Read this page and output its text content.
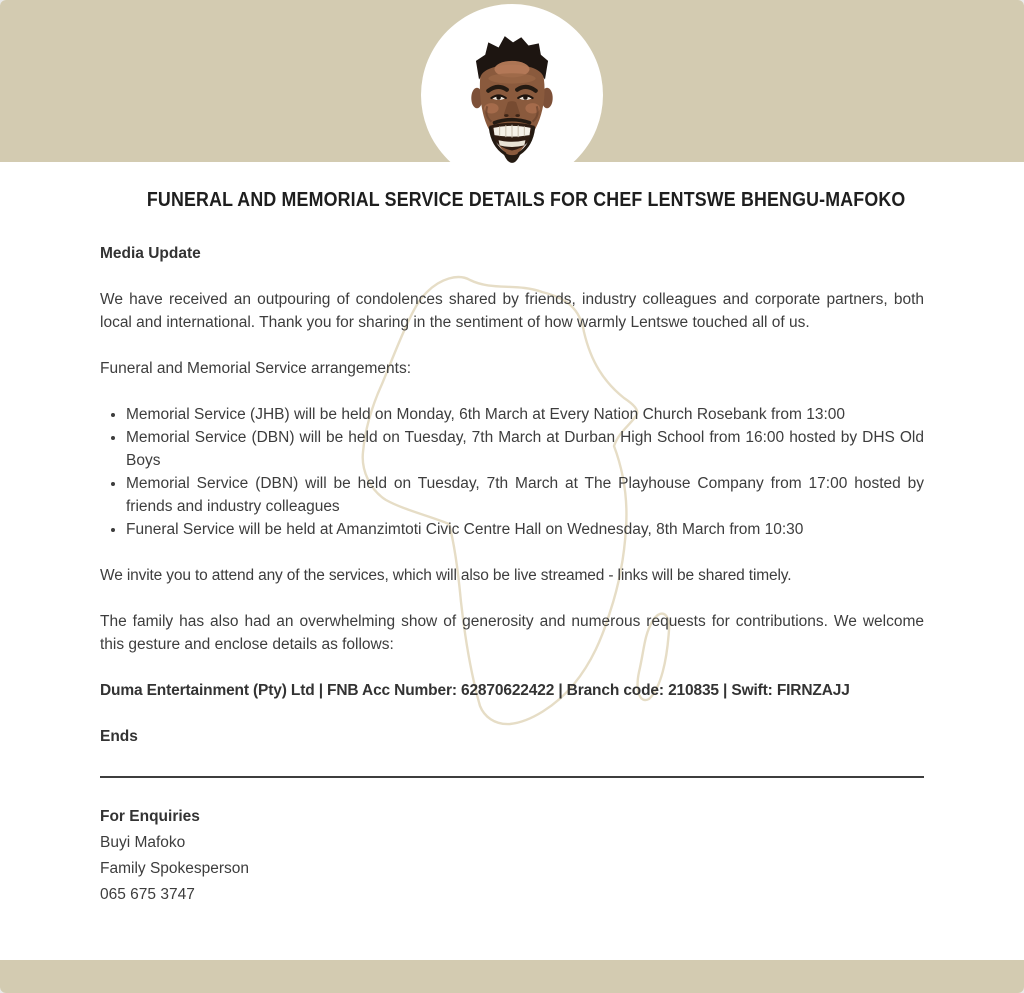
FUNERAL AND MEMORIAL SERVICE DETAILS FOR CHEF LENTSWE BHENGU-MAFOKO

Media Update

We have received an outpouring of condolences shared by friends, industry colleagues and corporate partners, both local and international. Thank you for sharing in the sentiment of how warmly Lentswe touched all of us.

Funeral and Memorial Service arrangements:

• Memorial Service (JHB) will be held on Monday, 6th March at Every Nation Church Rosebank from 13:00
• Memorial Service (DBN) will be held on Tuesday, 7th March at Durban High School from 16:00 hosted by DHS Old Boys
• Memorial Service (DBN) will be held on Tuesday, 7th March at The Playhouse Company from 17:00 hosted by friends and industry colleagues
• Funeral Service will be held at Amanzimtoti Civic Centre Hall on Wednesday, 8th March from 10:30

We invite you to attend any of the services, which will also be live streamed - links will be shared timely.

The family has also had an overwhelming show of generosity and numerous requests for contributions. We welcome this gesture and enclose details as follows:

Duma Entertainment (Pty) Ltd | FNB Acc Number: 62870622422 | Branch code: 210835 | Swift: FIRNZAJJ

Ends

For Enquiries

Buyi Mafoko

Family Spokesperson

065 675 3747
